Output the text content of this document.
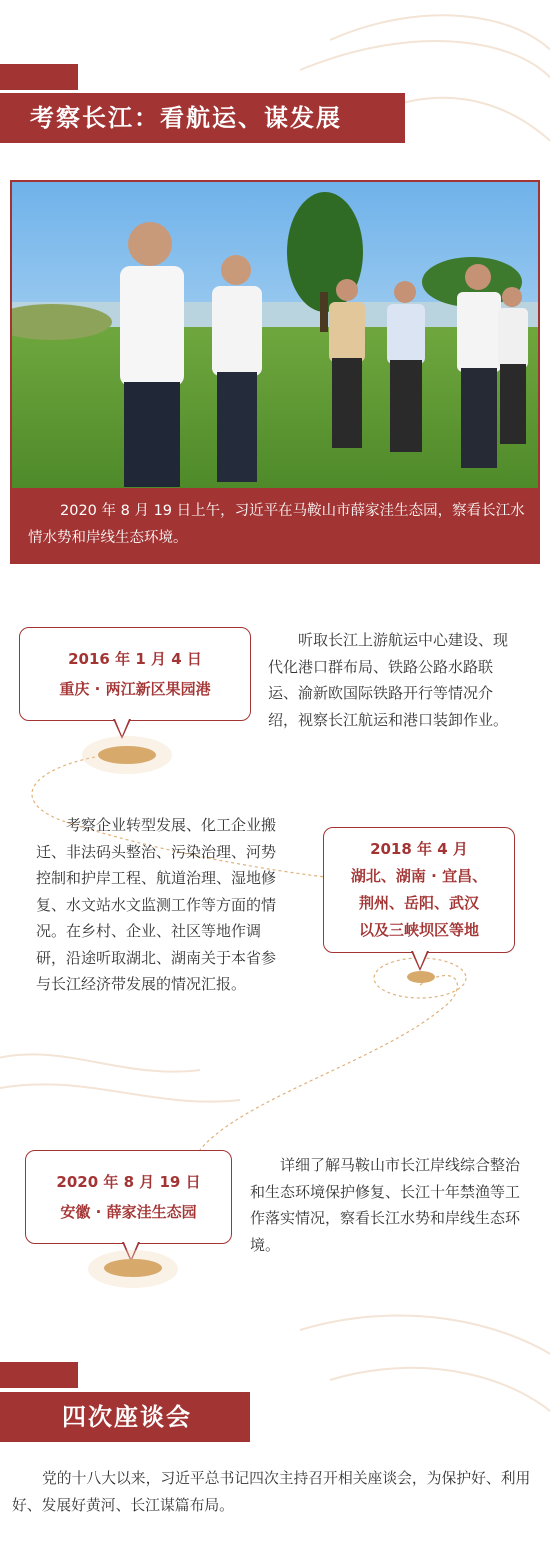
考察长江：看航运、谋发展
2020 年 8 月 19 日上午，习近平在马鞍山市薛家洼生态园，察看长江水情水势和岸线生态环境。
2016 年 1 月 4 日
重庆 · 两江新区果园港
听取长江上游航运中心建设、现代化港口群布局、铁路公路水路联运、渝新欧国际铁路开行等情况介绍，视察长江航运和港口装卸作业。
考察企业转型发展、化工企业搬迁、非法码头整治、污染治理、河势控制和护岸工程、航道治理、湿地修复、水文站水文监测工作等方面的情况。在乡村、企业、社区等地作调研，沿途听取湖北、湖南关于本省参与长江经济带发展的情况汇报。
2018 年 4 月
湖北、湖南 · 宜昌、
荆州、岳阳、武汉
以及三峡坝区等地
2020 年 8 月 19 日
安徽 · 薛家洼生态园
详细了解马鞍山市长江岸线综合整治和生态环境保护修复、长江十年禁渔等工作落实情况，察看长江水势和岸线生态环境。
四次座谈会
党的十八大以来，习近平总书记四次主持召开相关座谈会，为保护好、利用好、发展好黄河、长江谋篇布局。
